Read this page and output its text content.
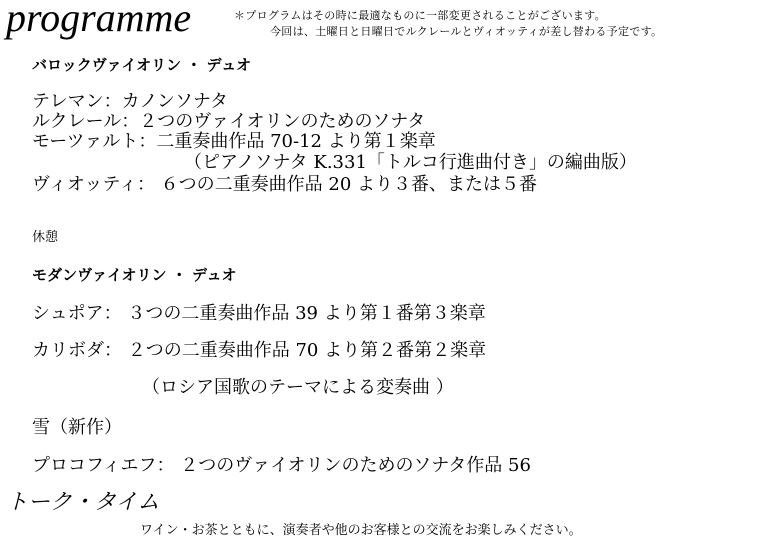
programme	＊プログラムはその時に最適なものに一部変更されることがございます。
今回は、土曜日と日曜日でルクレールとヴィオッティが差し替わる予定です。
バロックヴァイオリン ・ デュオ
テレマン：カノンソナタ
ルクレール：２つのヴァイオリンのためのソナタ
モーツァルト：二重奏曲作品 70-12 より第１楽章
（ピアノソナタ K.331「トルコ行進曲付き」の編曲版）
ヴィオッティ： ６つの二重奏曲作品 20 より３番、または５番
休憩
モダンヴァイオリン ・ デュオ
シュポア： ３つの二重奏曲作品 39 より第１番第３楽章
カリボダ： ２つの二重奏曲作品 70 より第２番第２楽章
（ロシア国歌のテーマによる変奏曲 ）
雪（新作）
プロコフィエフ： ２つのヴァイオリンのためのソナタ作品 56
トーク・タイム
ワイン・お茶とともに、演奏者や他のお客様との交流をお楽しみください。
